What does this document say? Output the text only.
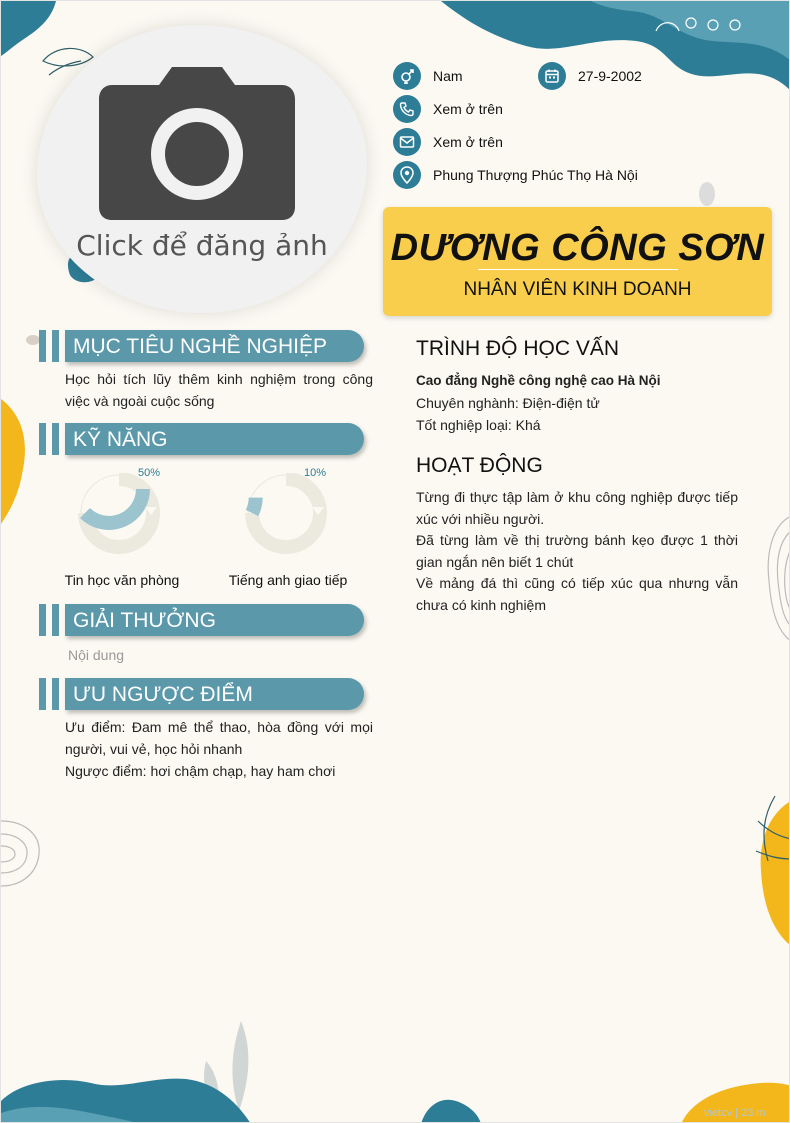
Click để đăng ảnh
Nam	27-9-2002
Xem ở trên
Xem ở trên
Phung Thượng Phúc Thọ Hà Nội
DƯƠNG CÔNG SƠN
NHÂN VIÊN KINH DOANH
MỤC TIÊU NGHỀ NGHIỆP
Học hỏi tích lũy thêm kinh nghiệm trong công việc và ngoài cuộc sống
KỸ NĂNG
50%
Tin học văn phòng
10%
Tiếng anh giao tiếp
GIẢI THƯỞNG
Nội dung
ƯU NGƯỢC ĐIỂM
Ưu điểm: Đam mê thể thao, hòa đồng với mọi người, vui vẻ, học hỏi nhanh
Ngược điểm: hơi chậm chạp, hay ham chơi
TRÌNH ĐỘ HỌC VẤN
Cao đẳng Nghề công nghệ cao Hà Nội
Chuyên nghành: Điện-điện tử
Tốt nghiệp loại: Khá
HOẠT ĐỘNG
Từng đi thực tập làm ở khu công nghiệp được tiếp xúc với nhiều người.
Đã từng làm về thị trường bánh kẹo được 1 thời gian ngắn nên biết 1 chút
Về mảng đá thì cũng có tiếp xúc qua nhưng vẫn chưa có kinh nghiệm
vietcv | 23 m
